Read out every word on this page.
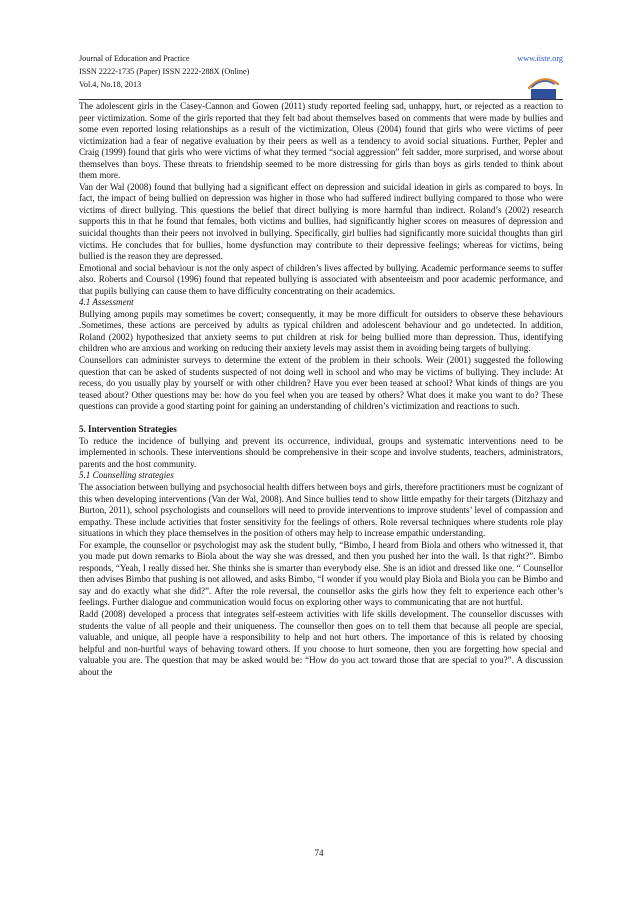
Journal of Education and Practice	www.iiste.org
ISSN 2222-1735 (Paper) ISSN 2222-288X (Online)
Vol.4, No.18, 2013

The adolescent girls in the Casey-Cannon and Gowen (2011) study reported feeling sad, unhappy, hurt, or rejected as a reaction to peer victimization. Some of the girls reported that they felt bad about themselves based on comments that were made by bullies and some even reported losing relationships as a result of the victimization, Oleus (2004) found that girls who were victims of peer victimization had a fear of negative evaluation by their peers as well as a tendency to avoid social situations. Further, Pepler and Craig (1999) found that girls who were victims of what they termed “social aggression” felt sadder, more surprised, and worse about themselves than boys. These threats to friendship seemed to be more distressing for girls than boys as girls tended to think about them more.

Van der Wal (2008) found that bullying had a significant effect on depression and suicidal ideation in girls as compared to boys. In fact, the impact of being bullied on depression was higher in those who had suffered indirect bullying compared to those who were victims of direct bullying. This questions the belief that direct bullying is more harmful than indirect. Roland’s (2002) research supports this in that he found that females, both victims and bullies, had significantly higher scores on measures of depression and suicidal thoughts than their peers not involved in bullying. Specifically, girl bullies had significantly more suicidal thoughts than girl victims. He concludes that for bullies, home dysfunction may contribute to their depressive feelings; whereas for victims, being bullied is the reason they are depressed.

Emotional and social behaviour is not the only aspect of children’s lives affected by bullying. Academic performance seems to suffer also. Roberts and Coursol (1996) found that repeated bullying is associated with absenteeism and poor academic performance, and that pupils bullying can cause them to have difficulty concentrating on their academics.

4.1 Assessment

Bullying among pupils may sometimes be covert; consequently, it may be more difficult for outsiders to observe these behaviours .Sometimes, these actions are perceived by adults as typical children and adolescent behaviour and go undetected. In addition, Roland (2002) hypothesized that anxiety seems to put children at risk for being bullied more than depression. Thus, identifying children who are anxious and working on reducing their anxiety levels may assist them in avoiding being targets of bullying.

Counsellors can administer surveys to determine the extent of the problem in their schools. Weir (2001) suggested the following question that can be asked of students suspected of not doing well in school and who may be victims of bullying. They include: At recess, do you usually play by yourself or with other children? Have you ever been teased at school? What kinds of things are you teased about? Other questions may be: how do you feel when you are teased by others? What does it make you want to do? These questions can provide a good starting point for gaining an understanding of children’s victimization and reactions to such.

5. Intervention Strategies

To reduce the incidence of bullying and prevent its occurrence, individual, groups and systematic interventions need to be implemented in schools. These interventions should be comprehensive in their scope and involve students, teachers, administrators, parents and the host community.

5.1 Counselling strategies

The association between bullying and psychosocial health differs between boys and girls, therefore practitioners must be cognizant of this when developing interventions (Van der Wal, 2008). And Since bullies tend to show little empathy for their targets (Ditzhazy and Burton, 2011), school psychologists and counsellors will need to provide interventions to improve students’ level of compassion and empathy. These include activities that foster sensitivity for the feelings of others. Role reversal techniques where students role play situations in which they place themselves in the position of others may help to increase empathic understanding.

For example, the counsellor or psychologist may ask the student bully, “Bimbo, I heard from Biola and others who witnessed it, that you made put down remarks to Biola about the way she was dressed, and then you pushed her into the wall. Is that right?”. Bimbo responds, “Yeah, I really dissed her. She thinks she is smarter than everybody else. She is an idiot and dressed like one. “ Counsellor then advises Bimbo that pushing is not allowed, and asks Bimbo, “I wonder if you would play Biola and Biola you can be Bimbo and say and do exactly what she did?”. After the role reversal, the counsellor asks the girls how they felt to experience each other’s feelings. Further dialogue and communication would focus on exploring other ways to communicating that are not hurtful.

Radd (2008) developed a process that integrates self-esteem activities with life skills development. The counsellor discusses with students the value of all people and their uniqueness. The counsellor then goes on to tell them that because all people are special, valuable, and unique, all people have a responsibility to help and not hurt others. The importance of this is related by choosing helpful and non-hurtful ways of behaving toward others. If you choose to hurt someone, then you are forgetting how special and valuable you are. The question that may be asked would be: “How do you act toward those that are special to you?”. A discussion about the

74
